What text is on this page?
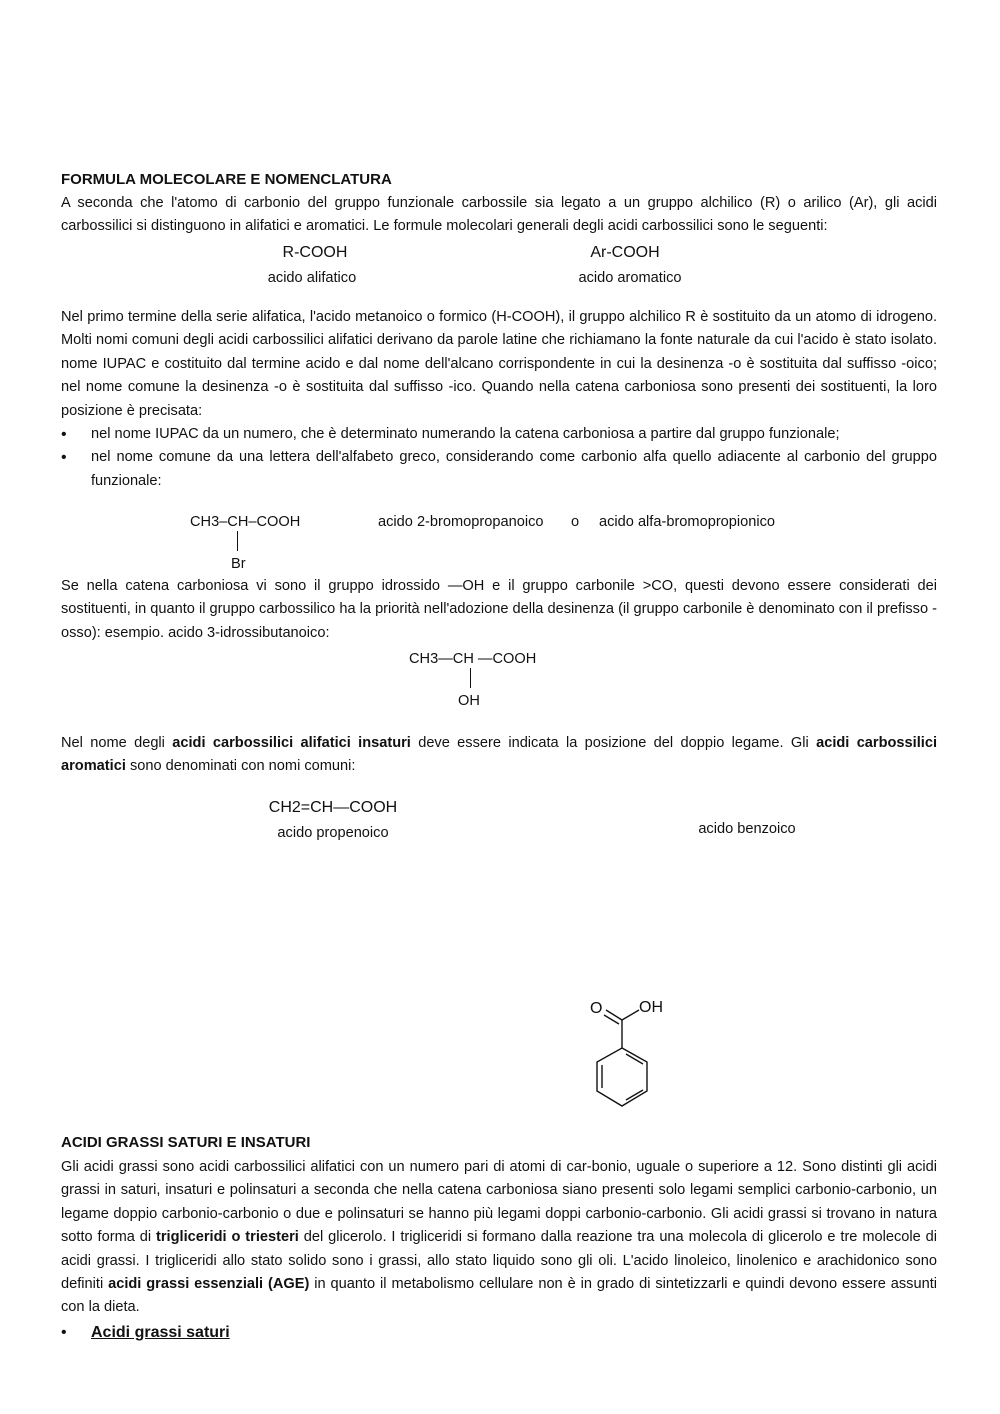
FORMULA MOLECOLARE E NOMENCLATURA

A seconda che l'atomo di carbonio del gruppo funzionale carbossile sia legato a un gruppo alchilico (R) o arilico (Ar), gli acidi carbossilici si distinguono in alifatici e aromatici. Le formule molecolari generali degli acidi carbossilici sono le seguenti:

R-COOH
acido alifatico
Ar-COOH
acido aromatico

Nel primo termine della serie alifatica, l'acido metanoico o formico (H-COOH), il gruppo alchilico R è sostituito da un atomo di idrogeno. Molti nomi comuni degli acidi carbossilici alifatici derivano da parole latine che richiamano la fonte naturale da cui l'acido è stato isolato. nome IUPAC e costituito dal termine acido e dal nome dell'alcano corrispondente in cui la desinenza -o è sostituita dal suffisso -oico; nel nome comune la desinenza -o è sostituita dal suffisso -ico. Quando nella catena carboniosa sono presenti dei sostituenti, la loro posizione è precisata:

• nel nome IUPAC da un numero, che è determinato numerando la catena carboniosa a partire dal gruppo funzionale;
• nel nome comune da una lettera dell'alfabeto greco, considerando come carbonio alfa quello adiacente al carbonio del gruppo funzionale:
CH3–CH–COOH
Br
acido 2-bromopropanoico o acido alfa-bromopropionico

Se nella catena carboniosa vi sono il gruppo idrossido —OH e il gruppo carbonile >CO, questi devono essere considerati dei sostituenti, in quanto il gruppo carbossilico ha la priorità nell'adozione della desinenza (il gruppo carbonile è denominato con il prefisso -osso): esempio. acido 3-idrossibutanoico:

CH3—CH —COOH
OH

Nel nome degli acidi carbossilici alifatici insaturi deve essere indicata la posizione del doppio legame. Gli acidi carbossilici aromatici sono denominati con nomi comuni:

CH2=CH—COOH
acido propenoico	acido benzoico
O OH
ACIDI GRASSI SATURI E INSATURI

Gli acidi grassi sono acidi carbossilici alifatici con un numero pari di atomi di car-bonio, uguale o superiore a 12. Sono distinti gli acidi grassi in saturi, insaturi e polinsaturi a seconda che nella catena carboniosa siano presenti solo legami semplici carbonio-carbonio, un legame doppio carbonio-carbonio o due e polinsaturi se hanno più legami doppi carbonio-carbonio. Gli acidi grassi si trovano in natura sotto forma di trigliceridi o triesteri del glicerolo. I trigliceridi si formano dalla reazione tra una molecola di glicerolo e tre molecole di acidi grassi. I trigliceridi allo stato solido sono i grassi, allo stato liquido sono gli oli. L'acido linoleico, linolenico e arachidonico sono definiti acidi grassi essenziali (AGE) in quanto il metabolismo cellulare non è in grado di sintetizzarli e quindi devono essere assunti con la dieta.

• Acidi grassi saturi
